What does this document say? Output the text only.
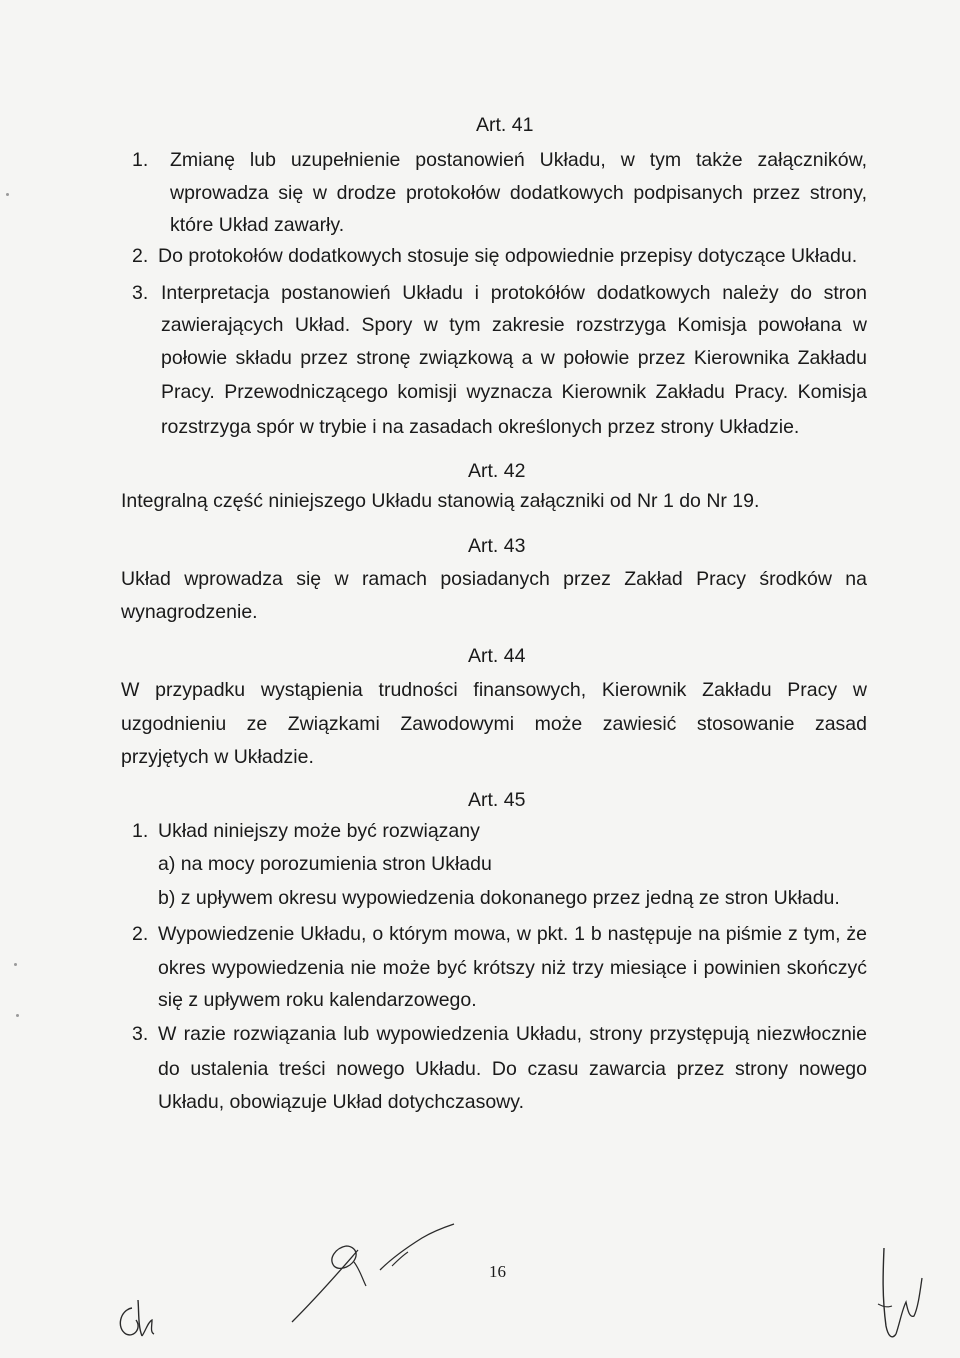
Art. 41
1. Zmianę lub uzupełnienie postanowień Układu, w tym także załączników,
wprowadza się w drodze protokołów dodatkowych podpisanych przez strony,
które Układ zawarły.
2. Do protokołów dodatkowych stosuje się odpowiednie przepisy dotyczące Układu.
3. Interpretacja postanowień Układu i protokółów dodatkowych należy do stron
zawierających Układ. Spory w tym zakresie rozstrzyga Komisja powołana w
połowie składu przez stronę związkową a w połowie przez Kierownika Zakładu
Pracy. Przewodniczącego komisji wyznacza Kierownik Zakładu Pracy. Komisja
rozstrzyga spór w trybie i na zasadach określonych przez strony Układzie.
Art. 42
Integralną część niniejszego Układu stanowią załączniki od Nr 1 do Nr 19.
Art. 43
Układ wprowadza się w ramach posiadanych przez Zakład Pracy środków na
wynagrodzenie.
Art. 44
W przypadku wystąpienia trudności finansowych, Kierownik Zakładu Pracy w
uzgodnieniu ze Związkami Zawodowymi może zawiesić stosowanie zasad
przyjętych w Układzie.
Art. 45
1. Układ niniejszy może być rozwiązany
a) na mocy porozumienia stron Układu
b) z upływem okresu wypowiedzenia dokonanego przez jedną ze stron Układu.
2. Wypowiedzenie Układu, o którym mowa, w pkt. 1 b następuje na piśmie z tym, że
okres wypowiedzenia nie może być krótszy niż trzy miesiące i powinien skończyć
się z upływem roku kalendarzowego.
3. W razie rozwiązania lub wypowiedzenia Układu, strony przystępują niezwłocznie
do ustalenia treści nowego Układu. Do czasu zawarcia przez strony nowego
Układu, obowiązuje Układ dotychczasowy.
16
